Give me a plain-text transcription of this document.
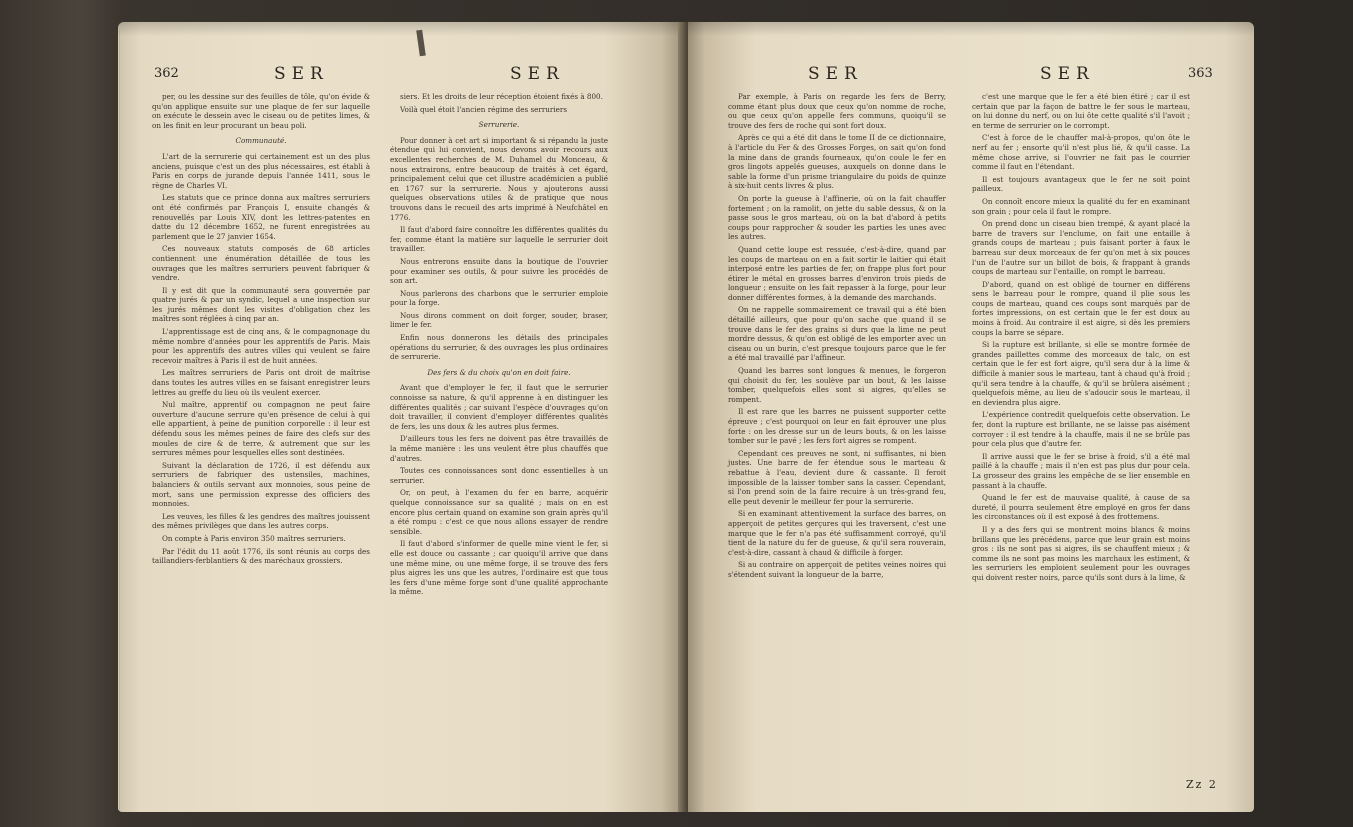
362	SER	SER

per, ou les dessine sur des feuilles de tôle, qu'on évide & qu'on applique ensuite sur une plaque de fer sur laquelle on exécute le dessein avec le ciseau ou de petites limes, & on les finit en leur procurant un beau poli.

Communauté.

L'art de la serrurerie qui certainement est un des plus anciens, puisque c'est un des plus nécessaires, est établi à Paris en corps de jurande depuis l'année 1411, sous le règne de Charles VI.

Les statuts que ce prince donna aux maîtres serruriers ont été confirmés par François I, ensuite changés & renouvellés par Louis XIV, dont les lettres-patentes en datte du 12 décembre 1652, ne furent enregistrées au parlement que le 27 janvier 1654.

Ces nouveaux statuts composés de 68 articles contiennent une énumération détaillée de tous les ouvrages que les maîtres serruriers peuvent fabriquer & vendre.

Il y est dit que la communauté sera gouvernée par quatre jurés & par un syndic, lequel a une inspection sur les jurés mêmes dont les visites d'obligation chez les maîtres sont réglées à cinq par an.

L'apprentissage est de cinq ans, & le compagnonage du même nombre d'années pour les apprentifs de Paris. Mais pour les apprentifs des autres villes qui veulent se faire recevoir maîtres à Paris il est de huit années.

Les maîtres serruriers de Paris ont droit de maîtrise dans toutes les autres villes en se faisant enregistrer leurs lettres au greffe du lieu où ils veulent exercer.

Nul maître, apprentif ou compagnon ne peut faire ouverture d'aucune serrure qu'en présence de celui à qui elle appartient, à peine de punition corporelle : il leur est défendu sous les mêmes peines de faire des clefs sur des moules de cire & de terre, & autrement que sur les serrures mêmes pour lesquelles elles sont destinées.

Suivant la déclaration de 1726, il est défendu aux serruriers de fabriquer des ustensiles, machines, balanciers & outils servant aux monnoies, sous peine de mort, sans une permission expresse des officiers des monnoies.

Les veuves, les filles & les gendres des maîtres jouissent des mêmes privilèges que dans les autres corps.

On compte à Paris environ 350 maîtres serruriers.

Par l'édit du 11 août 1776, ils sont réunis au corps des taillandiers-ferblantiers & des maréchaux grossiers.

siers. Et les droits de leur réception étoient fixés à 800.

Voilà quel étoit l'ancien régime des serruriers

Serrurerie.

Pour donner à cet art si important & si répandu la juste étendue qui lui convient, nous devons avoir recours aux excellentes recherches de M. Duhamel du Monceau, & nous extrairons, entre beaucoup de traités à cet égard, principalement celui que cet illustre académicien a publié en 1767 sur la serrurerie. Nous y ajouterons aussi quelques observations utiles & de pratique que nous trouvons dans le recueil des arts imprimé à Neufchâtel en 1776.

Il faut d'abord faire connoître les différentes qualités du fer, comme étant la matière sur laquelle le serrurier doit travailler.

Nous entrerons ensuite dans la boutique de l'ouvrier pour examiner ses outils, & pour suivre les procédés de son art.

Nous parlerons des charbons que le serrurier emploie pour la forge.

Nous dirons comment on doit forger, souder, braser, limer le fer.

Enfin nous donnerons les détails des principales opérations du serrurier, & des ouvrages les plus ordinaires de serrurerie.

Des fers & du choix qu'on en doit faire.

Avant que d'employer le fer, il faut que le serrurier connoisse sa nature, & qu'il apprenne à en distinguer les différentes qualités ; car suivant l'espèce d'ouvrages qu'on doit travailler, il convient d'employer différentes qualités de fers, les uns doux & les autres plus fermes.

D'ailleurs tous les fers ne doivent pas être travaillés de la même manière : les uns veulent être plus chauffés que d'autres.

Toutes ces connoissances sont donc essentielles à un serrurier.

Or, on peut, à l'examen du fer en barre, acquérir quelque connoissance sur sa qualité ; mais on en est encore plus certain quand on examine son grain après qu'il a été rompu : c'est ce que nous allons essayer de rendre sensible.

Il faut d'abord s'informer de quelle mine vient le fer, si elle est douce ou cassante ; car quoiqu'il arrive que dans une même mine, ou une même forge, il se trouve des fers plus aigres les uns que les autres, l'ordinaire est que tous les fers d'une même forge sont d'une qualité approchante la même.

SER	SER	363

Par exemple, à Paris on regarde les fers de Berry, comme étant plus doux que ceux qu'on nomme de roche, ou que ceux qu'on appelle fers communs, quoiqu'il se trouve des fers de roche qui sont fort doux.

Après ce qui a été dit dans le tome II de ce dictionnaire, à l'article du Fer & des Grosses Forges, on sait qu'on fond la mine dans de grands fourneaux, qu'on coule le fer en gros lingots appelés gueuses, auxquels on donne dans le sable la forme d'un prisme triangulaire du poids de quinze à six-huit cents livres & plus.

On porte la gueuse à l'affinerie, où on la fait chauffer fortement ; on la ramolit, on jette du sable dessus, & on la passe sous le gros marteau, où on la bat d'abord à petits coups pour rapprocher & souder les parties les unes avec les autres.

Quand cette loupe est ressuée, c'est-à-dire, quand par les coups de marteau on en a fait sortir le laitier qui était interposé entre les parties de fer, on frappe plus fort pour étirer le métal en grosses barres d'environ trois pieds de longueur ; ensuite on les fait repasser à la forge, pour leur donner différentes formes, à la demande des marchands.

On ne rappelle sommairement ce travail qui a été bien détaillé ailleurs, que pour qu'on sache que quand il se trouve dans le fer des grains si durs que la lime ne peut mordre dessus, & qu'on est obligé de les emporter avec un ciseau ou un burin, c'est presque toujours parce que le fer a été mal travaillé par l'affineur.

Quand les barres sont longues & menues, le forgeron qui choisit du fer, les soulève par un bout, & les laisse tomber, quelquefois elles sont si aigres, qu'elles se rompent.

Il est rare que les barres ne puissent supporter cette épreuve ; c'est pourquoi on leur en fait éprouver une plus forte : on les dresse sur un de leurs bouts, & on les laisse tomber sur le pavé ; les fers fort aigres se rompent.

Cependant ces preuves ne sont, ni suffisantes, ni bien justes. Une barre de fer étendue sous le marteau & rebattue à l'eau, devient dure & cassante. Il feroit impossible de la laisser tomber sans la casser. Cependant, si l'on prend soin de la faire recuire à un très-grand feu, elle peut devenir le meilleur fer pour la serrurerie.

Si en examinant attentivement la surface des barres, on apperçoit de petites gerçures qui les traversent, c'est une marque que le fer n'a pas été suffisamment corroyé, qu'il tient de la nature du fer de gueuse, & qu'il sera rouverain, c'est-à-dire, cassant à chaud & difficile à forger.

Si au contraire on apperçoit de petites veines noires qui s'étendent suivant la longueur de la barre,

c'est une marque que le fer a été bien étiré ; car il est certain que par la façon de battre le fer sous le marteau, on lui donne du nerf, ou on lui ôte cette qualité s'il l'avoit ; en terme de serrurier on le corrompt.

C'est à force de le chauffer mal-à-propos, qu'on ôte le nerf au fer ; ensorte qu'il n'est plus lié, & qu'il casse. La même chose arrive, si l'ouvrier ne fait pas le courrier comme il faut en l'étendant.

Il est toujours avantageux que le fer ne soit point pailleux.

On connoît encore mieux la qualité du fer en examinant son grain ; pour cela il faut le rompre.

On prend donc un ciseau bien trempé, & ayant placé la barre de travers sur l'enclume, on fait une entaille à grands coups de marteau ; puis faisant porter à faux le barreau sur deux morceaux de fer qu'on met à six pouces l'un de l'autre sur un billot de bois, & frappant à grands coups de marteau sur l'entaille, on rompt le barreau.

D'abord, quand on est obligé de tourner en différens sens le barreau pour le rompre, quand il plie sous les coups de marteau, quand ces coups sont marqués par de fortes impressions, on est certain que le fer est doux au moins à froid. Au contraire il est aigre, si dès les premiers coups la barre se sépare.

Si la rupture est brillante, si elle se montre formée de grandes paillettes comme des morceaux de talc, on est certain que le fer est fort aigre, qu'il sera dur à la lime & difficile à manier sous le marteau, tant à chaud qu'à froid ; qu'il sera tendre à la chauffe, & qu'il se brûlera aisément ; quelquefois même, au lieu de s'adoucir sous le marteau, il en deviendra plus aigre.

L'expérience contredit quelquefois cette observation. Le fer, dont la rupture est brillante, ne se laisse pas aisément corroyer : il est tendre à la chauffe, mais il ne se brûle pas pour cela plus que d'autre fer.

Il arrive aussi que le fer se brise à froid, s'il a été mal paillé à la chauffe ; mais il n'en est pas plus dur pour cela. La grosseur des grains les empêche de se lier ensemble en passant à la chauffe.

Quand le fer est de mauvaise qualité, à cause de sa dureté, il pourra seulement être employé en gros fer dans les circonstances où il est exposé à des frottemens.

Il y a des fers qui se montrent moins blancs & moins brillans que les précédens, parce que leur grain est moins gros : ils ne sont pas si aigres, ils se chauffent mieux ; & comme ils ne sont pas moins les marchaux les estiment, & les serruriers les emploient seulement pour les ouvrages qui doivent rester noirs, parce qu'ils sont durs à la lime, &

Zz 2
